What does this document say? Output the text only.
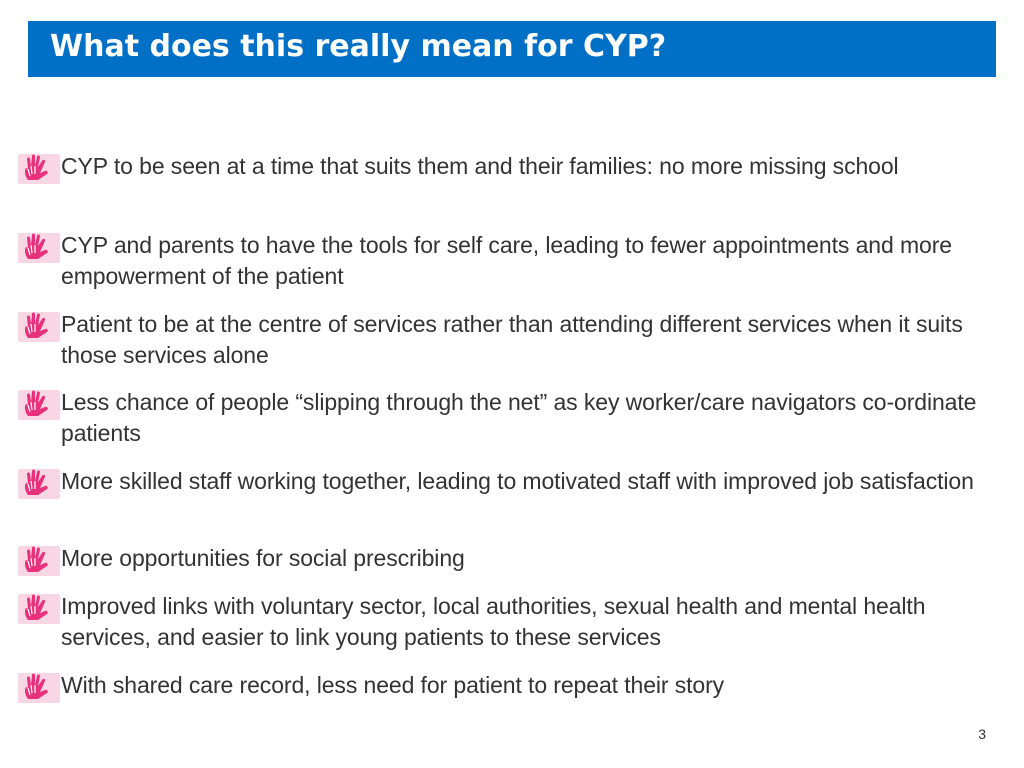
What does this really mean for CYP?
CYP to be seen at a time that suits them and their families: no more missing school
CYP and parents to have the tools for self care, leading to fewer appointments and more empowerment of the patient
Patient to be at the centre of services rather than attending different services when it suits those services alone
Less chance of people “slipping through the net” as key worker/care navigators co-ordinate patients
More skilled staff working together, leading to motivated staff with improved job satisfaction
More opportunities for social prescribing
Improved links with voluntary sector, local authorities, sexual health and mental health services, and easier to link young patients to these services
With shared care record, less need for patient to repeat their story
3
